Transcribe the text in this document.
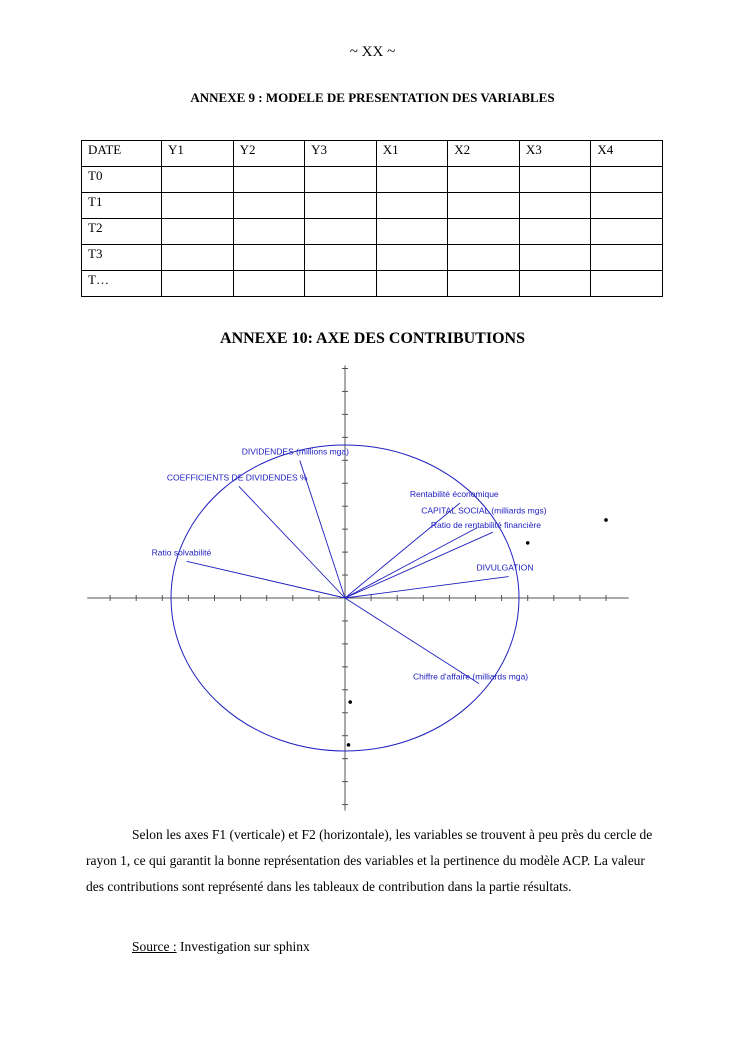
~ XX ~
ANNEXE 9 : MODELE DE PRESENTATION DES VARIABLES
DATE	Y1	Y2	Y3	X1	X2	X3	X4
T0							
T1							
T2							
T3							
T…							
ANNEXE 10: AXE DES CONTRIBUTIONS
DIVIDENDES (millions mga)
COEFFICIENTS DE DIVIDENDES %
Ratio solvabilité
Rentabilité économique
CAPITAL SOCIAL (milliards mgs)
Ratio de rentabilité financière
DIVULGATION
Chiffre d'affaire (milliards mga)
Selon les axes F1 (verticale) et F2 (horizontale), les variables se trouvent à peu près du cercle de rayon 1, ce qui garantit la bonne représentation des variables et la pertinence du modèle ACP. La valeur des contributions sont représenté dans les tableaux de contribution dans la partie résultats.
Source : Investigation sur sphinx
